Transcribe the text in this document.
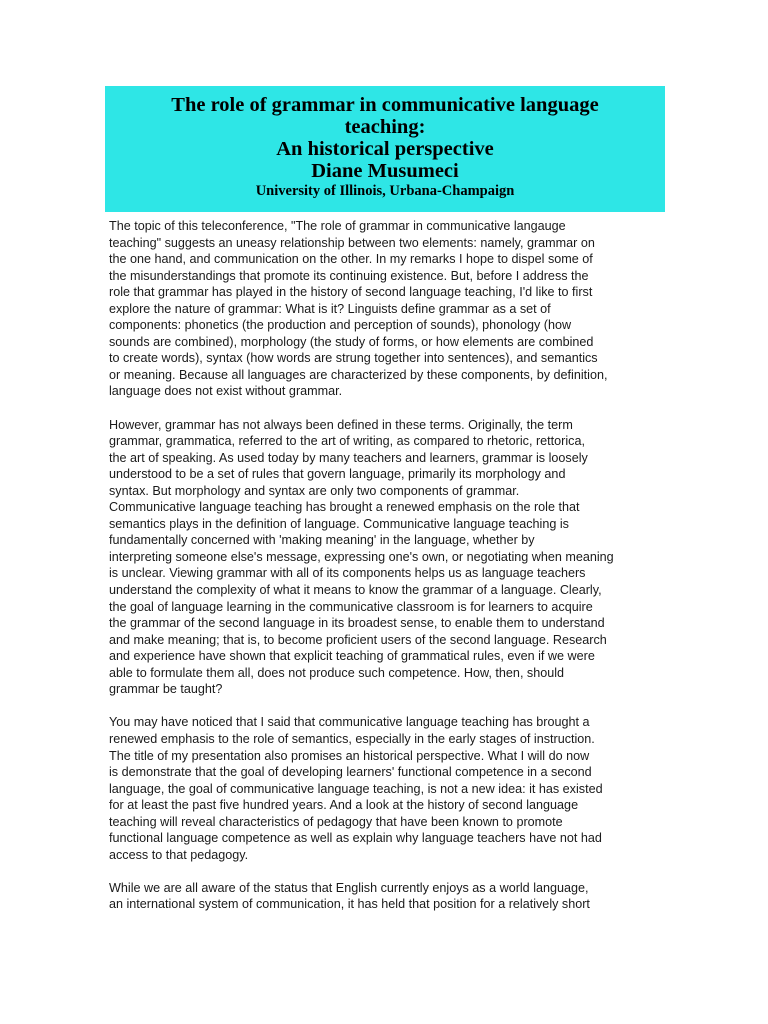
The role of grammar in communicative language

teaching:

An historical perspective

Diane Musumeci

University of Illinois, Urbana-Champaign

The topic of this teleconference, "The role of grammar in communicative langauge
teaching" suggests an uneasy relationship between two elements: namely, grammar on
the one hand, and communication on the other. In my remarks I hope to dispel some of
the misunderstandings that promote its continuing existence. But, before I address the
role that grammar has played in the history of second language teaching, I'd like to first
explore the nature of grammar: What is it? Linguists define grammar as a set of
components: phonetics (the production and perception of sounds), phonology (how
sounds are combined), morphology (the study of forms, or how elements are combined
to create words), syntax (how words are strung together into sentences), and semantics
or meaning. Because all languages are characterized by these components, by definition,
language does not exist without grammar.

However, grammar has not always been defined in these terms. Originally, the term
grammar, grammatica, referred to the art of writing, as compared to rhetoric, rettorica,
the art of speaking. As used today by many teachers and learners, grammar is loosely
understood to be a set of rules that govern language, primarily its morphology and
syntax. But morphology and syntax are only two components of grammar.
Communicative language teaching has brought a renewed emphasis on the role that
semantics plays in the definition of language. Communicative language teaching is
fundamentally concerned with 'making meaning' in the language, whether by
interpreting someone else's message, expressing one's own, or negotiating when meaning
is unclear. Viewing grammar with all of its components helps us as language teachers
understand the complexity of what it means to know the grammar of a language. Clearly,
the goal of language learning in the communicative classroom is for learners to acquire
the grammar of the second language in its broadest sense, to enable them to understand
and make meaning; that is, to become proficient users of the second language. Research
and experience have shown that explicit teaching of grammatical rules, even if we were
able to formulate them all, does not produce such competence. How, then, should
grammar be taught?

You may have noticed that I said that communicative language teaching has brought a
renewed emphasis to the role of semantics, especially in the early stages of instruction.
The title of my presentation also promises an historical perspective. What I will do now
is demonstrate that the goal of developing learners' functional competence in a second
language, the goal of communicative language teaching, is not a new idea: it has existed
for at least the past five hundred years. And a look at the history of second language
teaching will reveal characteristics of pedagogy that have been known to promote
functional language competence as well as explain why language teachers have not had
access to that pedagogy.

While we are all aware of the status that English currently enjoys as a world language,
an international system of communication, it has held that position for a relatively short
